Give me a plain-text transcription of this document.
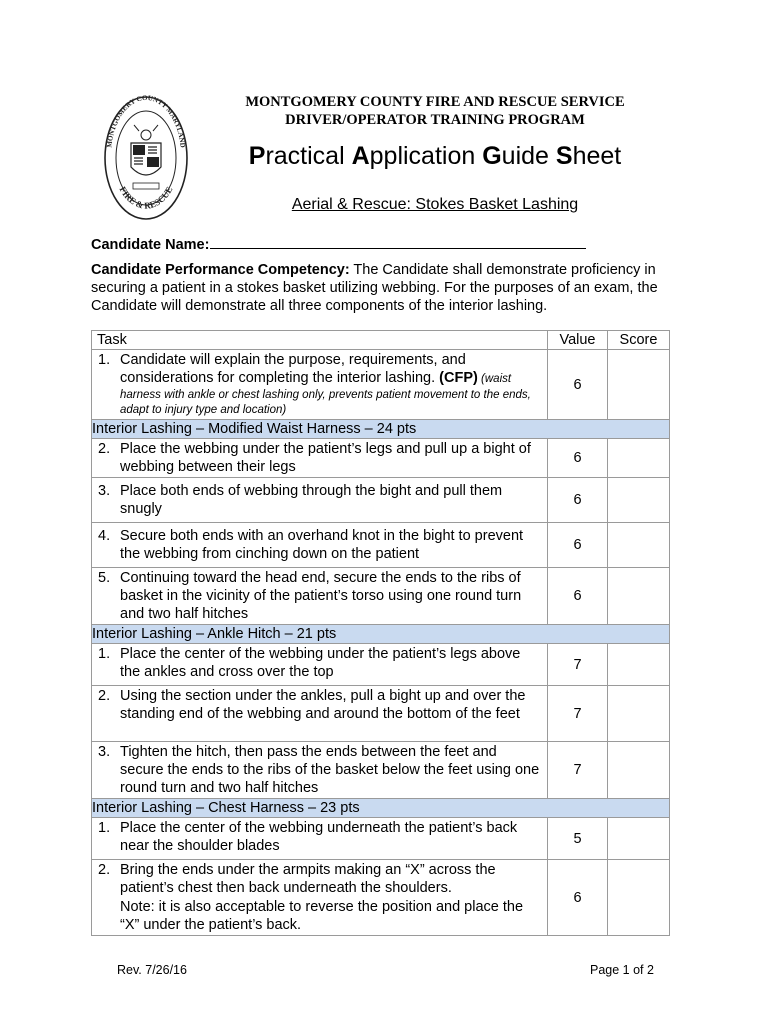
MONTGOMERY COUNTY MARYLAND
FIRE & RESCUE
MONTGOMERY COUNTY FIRE AND RESCUE SERVICE
DRIVER/OPERATOR TRAINING PROGRAM
Practical Application Guide Sheet
Aerial & Rescue: Stokes Basket Lashing
Candidate Name:
Candidate Performance Competency: The Candidate shall demonstrate proficiency in securing a patient in a stokes basket utilizing webbing. For the purposes of an exam, the Candidate will demonstrate all three components of the interior lashing.
Task	Value	Score

1. Candidate will explain the purpose, requirements, and considerations for completing the interior lashing. (CFP) (waist
harness with ankle or chest lashing only, prevents patient movement to the ends, adapt to injury type and location)	6	
Interior Lashing – Modified Waist Harness – 24 pts		

2. Place the webbing under the patient’s legs and pull up a bight of webbing between their legs	6	

3. Place both ends of webbing through the bight and pull them snugly	6	

4. Secure both ends with an overhand knot in the bight to prevent the webbing from cinching down on the patient	6	

5. Continuing toward the head end, secure the ends to the ribs of basket in the vicinity of the patient’s torso using one round turn and two half hitches	6	
Interior Lashing – Ankle Hitch – 21 pts		

1. Place the center of the webbing under the patient’s legs above the ankles and cross over the top	7	

2. Using the section under the ankles, pull a bight up and over the standing end of the webbing and around the bottom of the feet	7	

3. Tighten the hitch, then pass the ends between the feet and secure the ends to the ribs of the basket below the feet using one round turn and two half hitches	7	
Interior Lashing – Chest Harness – 23 pts		

1. Place the center of the webbing underneath the patient’s back near the shoulder blades	5	

2. Bring the ends under the armpits making an “X” across the patient’s chest then back underneath the shoulders.
Note: it is also acceptable to reverse the position and place the “X” under the patient’s back.	6	
Rev. 7/26/16	Page 1 of 2
